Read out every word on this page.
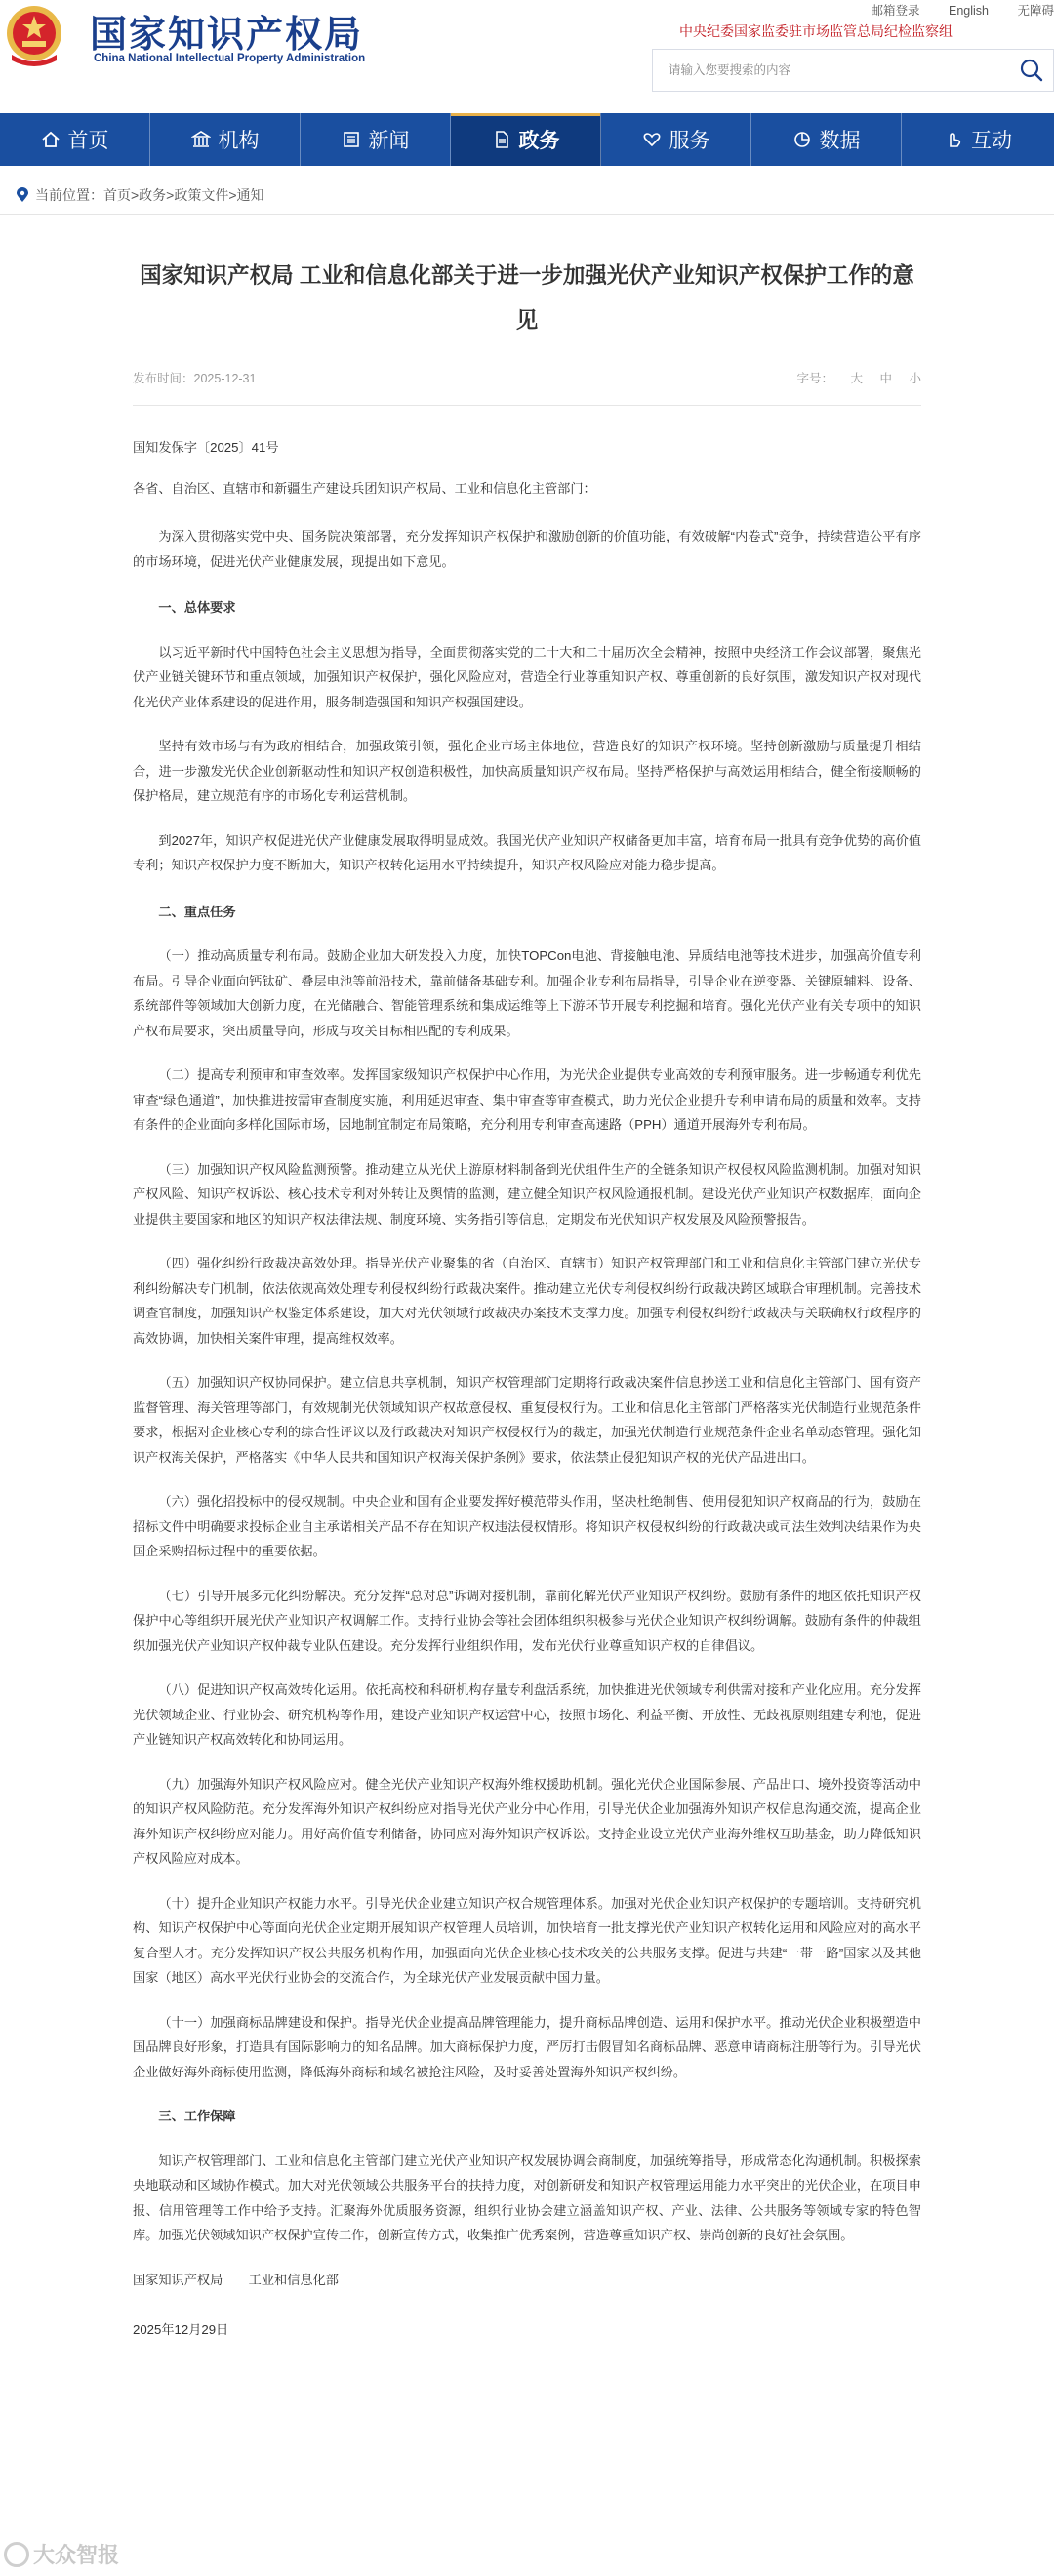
国家知识产权局
China National Intellectual Property Administration
邮箱登录 English 无障碍
中央纪委国家监委驻市场监管总局纪检监察组
请输入您要搜索的内容
首页	机构	新闻	政务	服务	数据	互动
当前位置： 首页>政务>政策文件>通知
国家知识产权局 工业和信息化部关于进一步加强光伏产业知识产权保护工作的意见
发布时间：2025-12-31	字号： 大 中 小

国知发保字〔2025〕41号

各省、自治区、直辖市和新疆生产建设兵团知识产权局、工业和信息化主管部门：

为深入贯彻落实党中央、国务院决策部署，充分发挥知识产权保护和激励创新的价值功能，有效破解“内卷式”竞争，持续营造公平有序的市场环境，促进光伏产业健康发展，现提出如下意见。

一、总体要求

以习近平新时代中国特色社会主义思想为指导，全面贯彻落实党的二十大和二十届历次全会精神，按照中央经济工作会议部署，聚焦光伏产业链关键环节和重点领域，加强知识产权保护，强化风险应对，营造全行业尊重知识产权、尊重创新的良好氛围，激发知识产权对现代化光伏产业体系建设的促进作用，服务制造强国和知识产权强国建设。

坚持有效市场与有为政府相结合，加强政策引领，强化企业市场主体地位，营造良好的知识产权环境。坚持创新激励与质量提升相结合，进一步激发光伏企业创新驱动性和知识产权创造积极性，加快高质量知识产权布局。坚持严格保护与高效运用相结合，健全衔接顺畅的保护格局，建立规范有序的市场化专利运营机制。

到2027年，知识产权促进光伏产业健康发展取得明显成效。我国光伏产业知识产权储备更加丰富，培育布局一批具有竞争优势的高价值专利；知识产权保护力度不断加大，知识产权转化运用水平持续提升，知识产权风险应对能力稳步提高。

二、重点任务

（一）推动高质量专利布局。鼓励企业加大研发投入力度，加快TOPCon电池、背接触电池、异质结电池等技术进步，加强高价值专利布局。引导企业面向钙钛矿、叠层电池等前沿技术，靠前储备基础专利。加强企业专利布局指导，引导企业在逆变器、关键原辅料、设备、系统部件等领域加大创新力度，在光储融合、智能管理系统和集成运维等上下游环节开展专利挖掘和培育。强化光伏产业有关专项中的知识产权布局要求，突出质量导向，形成与攻关目标相匹配的专利成果。

（二）提高专利预审和审查效率。发挥国家级知识产权保护中心作用，为光伏企业提供专业高效的专利预审服务。进一步畅通专利优先审查“绿色通道”，加快推进按需审查制度实施，利用延迟审查、集中审查等审查模式，助力光伏企业提升专利申请布局的质量和效率。支持有条件的企业面向多样化国际市场，因地制宜制定布局策略，充分利用专利审查高速路（PPH）通道开展海外专利布局。

（三）加强知识产权风险监测预警。推动建立从光伏上游原材料制备到光伏组件生产的全链条知识产权侵权风险监测机制。加强对知识产权风险、知识产权诉讼、核心技术专利对外转让及舆情的监测，建立健全知识产权风险通报机制。建设光伏产业知识产权数据库，面向企业提供主要国家和地区的知识产权法律法规、制度环境、实务指引等信息，定期发布光伏知识产权发展及风险预警报告。

（四）强化纠纷行政裁决高效处理。指导光伏产业聚集的省（自治区、直辖市）知识产权管理部门和工业和信息化主管部门建立光伏专利纠纷解决专门机制，依法依规高效处理专利侵权纠纷行政裁决案件。推动建立光伏专利侵权纠纷行政裁决跨区域联合审理机制。完善技术调查官制度，加强知识产权鉴定体系建设，加大对光伏领域行政裁决办案技术支撑力度。加强专利侵权纠纷行政裁决与关联确权行政程序的高效协调，加快相关案件审理，提高维权效率。

（五）加强知识产权协同保护。建立信息共享机制，知识产权管理部门定期将行政裁决案件信息抄送工业和信息化主管部门、国有资产监督管理、海关管理等部门，有效规制光伏领域知识产权故意侵权、重复侵权行为。工业和信息化主管部门严格落实光伏制造行业规范条件要求，根据对企业核心专利的综合性评议以及行政裁决对知识产权侵权行为的裁定，加强光伏制造行业规范条件企业名单动态管理。强化知识产权海关保护，严格落实《中华人民共和国知识产权海关保护条例》要求，依法禁止侵犯知识产权的光伏产品进出口。

（六）强化招投标中的侵权规制。中央企业和国有企业要发挥好模范带头作用，坚决杜绝制售、使用侵犯知识产权商品的行为，鼓励在招标文件中明确要求投标企业自主承诺相关产品不存在知识产权违法侵权情形。将知识产权侵权纠纷的行政裁决或司法生效判决结果作为央国企采购招标过程中的重要依据。

（七）引导开展多元化纠纷解决。充分发挥“总对总”诉调对接机制，靠前化解光伏产业知识产权纠纷。鼓励有条件的地区依托知识产权保护中心等组织开展光伏产业知识产权调解工作。支持行业协会等社会团体组织积极参与光伏企业知识产权纠纷调解。鼓励有条件的仲裁组织加强光伏产业知识产权仲裁专业队伍建设。充分发挥行业组织作用，发布光伏行业尊重知识产权的自律倡议。

（八）促进知识产权高效转化运用。依托高校和科研机构存量专利盘活系统，加快推进光伏领域专利供需对接和产业化应用。充分发挥光伏领域企业、行业协会、研究机构等作用，建设产业知识产权运营中心，按照市场化、利益平衡、开放性、无歧视原则组建专利池，促进产业链知识产权高效转化和协同运用。

（九）加强海外知识产权风险应对。健全光伏产业知识产权海外维权援助机制。强化光伏企业国际参展、产品出口、境外投资等活动中的知识产权风险防范。充分发挥海外知识产权纠纷应对指导光伏产业分中心作用，引导光伏企业加强海外知识产权信息沟通交流，提高企业海外知识产权纠纷应对能力。用好高价值专利储备，协同应对海外知识产权诉讼。支持企业设立光伏产业海外维权互助基金，助力降低知识产权风险应对成本。

（十）提升企业知识产权能力水平。引导光伏企业建立知识产权合规管理体系。加强对光伏企业知识产权保护的专题培训。支持研究机构、知识产权保护中心等面向光伏企业定期开展知识产权管理人员培训，加快培育一批支撑光伏产业知识产权转化运用和风险应对的高水平复合型人才。充分发挥知识产权公共服务机构作用，加强面向光伏企业核心技术攻关的公共服务支撑。促进与共建“一带一路”国家以及其他国家（地区）高水平光伏行业协会的交流合作，为全球光伏产业发展贡献中国力量。

（十一）加强商标品牌建设和保护。指导光伏企业提高品牌管理能力，提升商标品牌创造、运用和保护水平。推动光伏企业积极塑造中国品牌良好形象，打造具有国际影响力的知名品牌。加大商标保护力度，严厉打击假冒知名商标品牌、恶意申请商标注册等行为。引导光伏企业做好海外商标使用监测，降低海外商标和域名被抢注风险，及时妥善处置海外知识产权纠纷。

三、工作保障

知识产权管理部门、工业和信息化主管部门建立光伏产业知识产权发展协调会商制度，加强统筹指导，形成常态化沟通机制。积极探索央地联动和区域协作模式。加大对光伏领域公共服务平台的扶持力度，对创新研发和知识产权管理运用能力水平突出的光伏企业，在项目申报、信用管理等工作中给予支持。汇聚海外优质服务资源，组织行业协会建立涵盖知识产权、产业、法律、公共服务等领域专家的特色智库。加强光伏领域知识产权保护宣传工作，创新宣传方式，收集推广优秀案例，营造尊重知识产权、崇尚创新的良好社会氛围。

国家知识产权局　　工业和信息化部

2025年12月29日

大众智报
